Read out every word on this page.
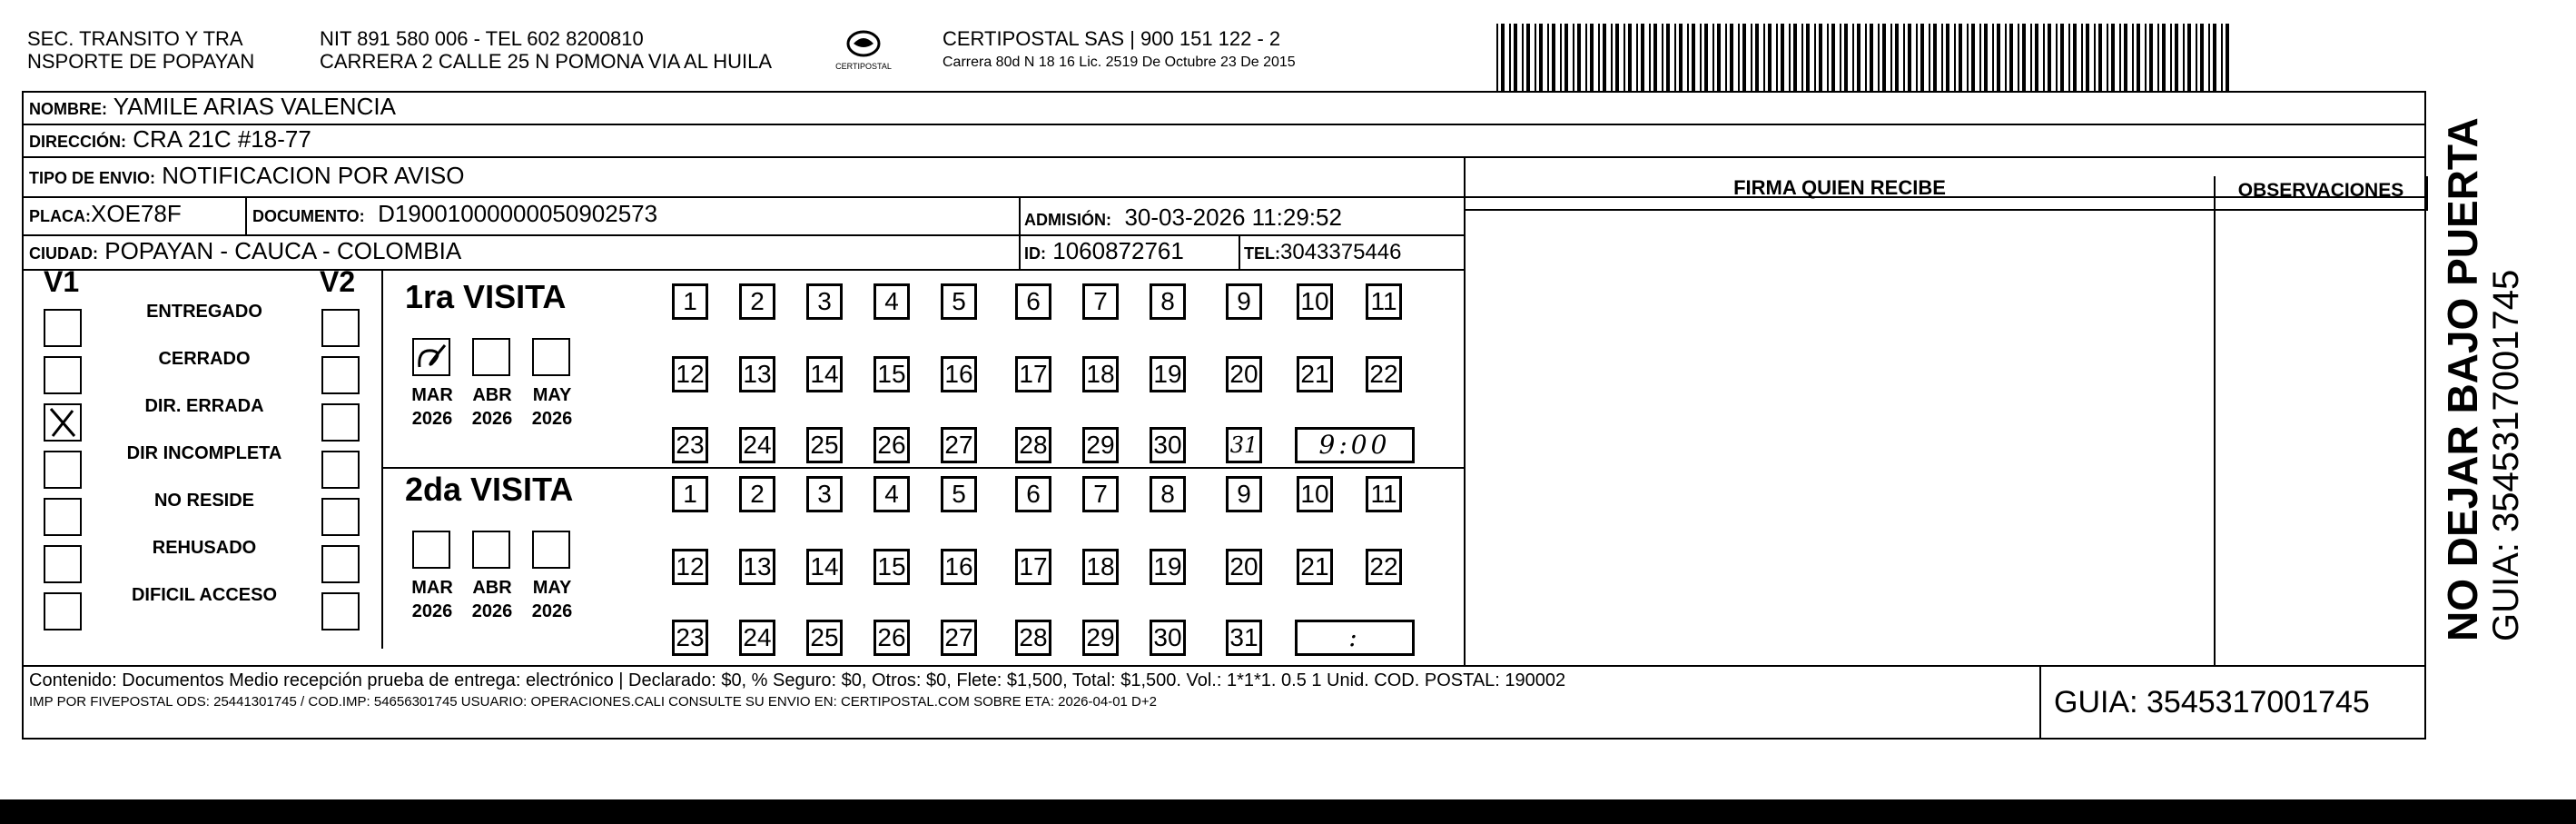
SEC. TRANSITO Y TRA
NSPORTE DE POPAYAN
NIT 891 580 006 - TEL 602 8200810
CARRERA 2 CALLE 25 N POMONA VIA AL HUILA	CERTIPOSTAL
CERTIPOSTAL SAS | 900 151 122 - 2
Carrera 80d N 18 16 Lic. 2519 De Octubre 23 De 2015
NOMBRE: YAMILE ARIAS VALENCIA
DIRECCIÓN: CRA 21C #18-77
TIPO DE ENVIO: NOTIFICACION POR AVISO
PLACA:XOE78F	DOCUMENTO: D19001000000050902573	ADMISIÓN: 30-03-2026 11:29:52
CIUDAD: POPAYAN - CAUCA - COLOMBIA	ID: 1060872761	TEL:3043375446
FIRMA QUIEN RECIBE	OBSERVACIONES
V1	V2
ENTREGADO
CERRADO
DIR. ERRADA
DIR INCOMPLETA
NO RESIDE
REHUSADO
DIFICIL ACCESO
1ra VISITA
2da VISITA
1	2	3	4	5	6	7	8	9	10 11
12 13 14 15 16 17 18 19 20 21 22
23 24 25 26 27 28 29 30 31	9:00
MAR
2026
ABR
2026
MAY
2026
1	2	3	4	5	6	7	8	9	10 11
12 13 14 15 16 17 18 19 20 21 22
23 24 25 26 27 28 29 30 31	:
MAR
2026
ABR
2026
MAY
2026
Contenido: Documentos Medio recepción prueba de entrega: electrónico | Declarado: $0, % Seguro: $0, Otros: $0, Flete: $1,500, Total: $1,500. Vol.: 1*1*1. 0.5 1 Unid. COD. POSTAL: 190002
IMP POR FIVEPOSTAL ODS: 25441301745 / COD.IMP: 54656301745 USUARIO: OPERACIONES.CALI CONSULTE SU ENVIO EN: CERTIPOSTAL.COM SOBRE ETA: 2026-04-01 D+2	GUIA: 3545317001745
NO DEJAR BAJO PUERTA GUIA: 3545317001745
